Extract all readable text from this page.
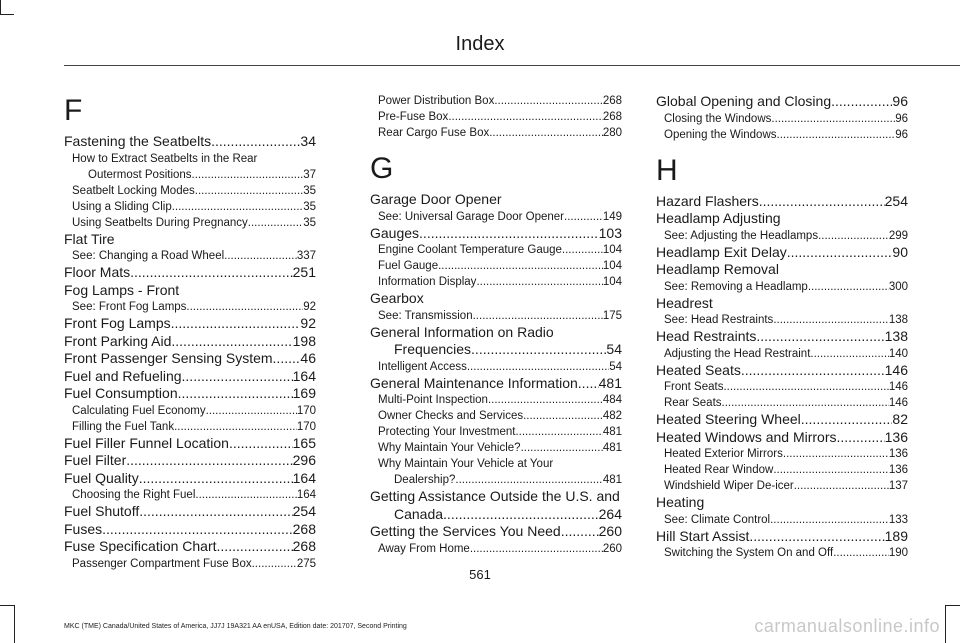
Index
F
Fastening the Seatbelts .....	34
How to Extract Seatbelts in the Rear
Outermost Positions .....	37
Seatbelt Locking Modes .....	35
Using a Sliding Clip .....	35
Using Seatbelts During Pregnancy .....	35
Flat Tire
See: Changing a Road Wheel .....	337
Floor Mats .....	251
Fog Lamps - Front
See: Front Fog Lamps .....	92
Front Fog Lamps .....	92
Front Parking Aid .....	198
Front Passenger Sensing System ..... 46
Fuel and Refueling .....	164
Fuel Consumption .....	169
Calculating Fuel Economy .....	170
Filling the Fuel Tank .....	170
Fuel Filler Funnel Location .....	165
Fuel Filter .....	296
Fuel Quality .....	164
Choosing the Right Fuel .....	164
Fuel Shutoff .....	254
Fuses .....	268
Fuse Specification Chart .....	268
Passenger Compartment Fuse Box .....	275
Power Distribution Box .....	268
Pre-Fuse Box .....	268
Rear Cargo Fuse Box .....	280
G
Garage Door Opener
See: Universal Garage Door Opener .....	149
Gauges .....	103
Engine Coolant Temperature Gauge .....	104
Fuel Gauge .....	104
Information Display .....	104
Gearbox
See: Transmission .....	175
General Information on Radio
Frequencies .....	54
Intelligent Access .....	54
General Maintenance Information ..... 481
Multi-Point Inspection .....	484
Owner Checks and Services .....	482
Protecting Your Investment .....	481
Why Maintain Your Vehicle? .....	481
Why Maintain Your Vehicle at Your
Dealership? .....	481
Getting Assistance Outside the U.S. and
Canada .....	264
Getting the Services You Need .....	260
Away From Home .....	260
Global Opening and Closing .....	96
Closing the Windows .....	96
Opening the Windows .....	96
H
Hazard Flashers .....	254
Headlamp Adjusting
See: Adjusting the Headlamps .....	299
Headlamp Exit Delay .....	90
Headlamp Removal
See: Removing a Headlamp .....	300
Headrest
See: Head Restraints .....	138
Head Restraints .....	138
Adjusting the Head Restraint .....	140
Heated Seats .....	146
Front Seats .....	146
Rear Seats .....	146
Heated Steering Wheel .....	82
Heated Windows and Mirrors .....	136
Heated Exterior Mirrors .....	136
Heated Rear Window .....	136
Windshield Wiper De-icer .....	137
Heating
See: Climate Control .....	133
Hill Start Assist .....	189
Switching the System On and Off .....	190
561
MKC (TME) Canada/United States of America, JJ7J 19A321 AA enUSA, Edition date: 201707, Second Printing	carmanualsonline.info
